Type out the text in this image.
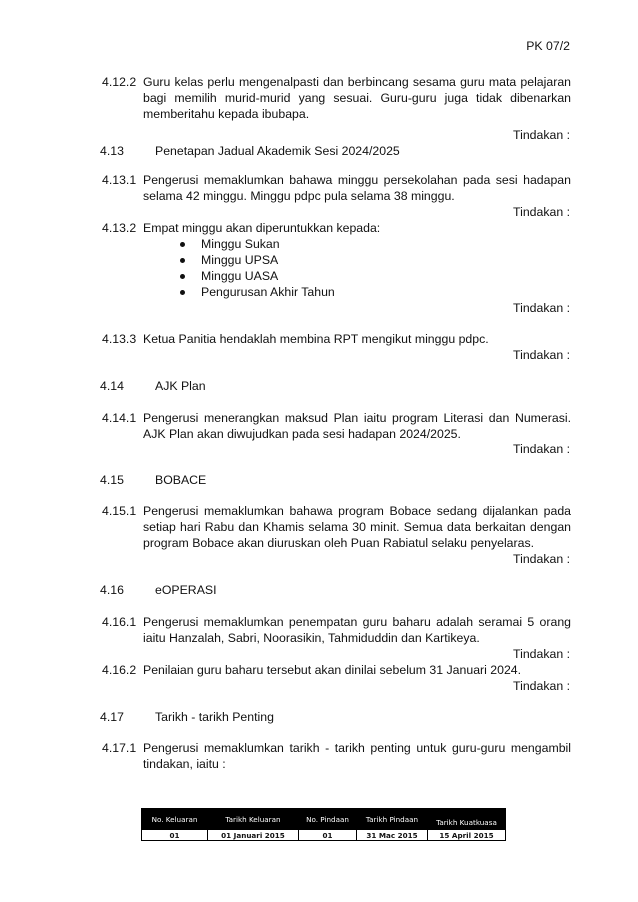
PK 07/2
4.12.2 Guru kelas perlu mengenalpasti dan berbincang sesama guru mata pelajaran bagi memilih murid-murid yang sesuai. Guru-guru juga tidak dibenarkan memberitahu kepada ibubapa.
Tindakan :
4.13	Penetapan Jadual Akademik Sesi 2024/2025
4.13.1 Pengerusi memaklumkan bahawa minggu persekolahan pada sesi hadapan selama 42 minggu. Minggu pdpc pula selama 38 minggu.
Tindakan :
4.13.2 Empat minggu akan diperuntukkan kepada:
Minggu Sukan
Minggu UPSA
Minggu UASA
Pengurusan Akhir Tahun
Tindakan :
4.13.3 Ketua Panitia hendaklah membina RPT mengikut minggu pdpc.
Tindakan :
4.14	AJK Plan
4.14.1 Pengerusi menerangkan maksud Plan iaitu program Literasi dan Numerasi. AJK Plan akan diwujudkan pada sesi hadapan 2024/2025.
Tindakan :
4.15	BOBACE
4.15.1 Pengerusi memaklumkan bahawa program Bobace sedang dijalankan pada setiap hari Rabu dan Khamis selama 30 minit. Semua data berkaitan dengan program Bobace akan diuruskan oleh Puan Rabiatul selaku penyelaras.
Tindakan :
4.16	eOPERASI
4.16.1 Pengerusi memaklumkan penempatan guru baharu adalah seramai 5 orang iaitu Hanzalah, Sabri, Noorasikin, Tahmiduddin dan Kartikeya.
Tindakan :
4.16.2 Penilaian guru baharu tersebut akan dinilai sebelum 31 Januari 2024.
Tindakan :
4.17	Tarikh - tarikh Penting
4.17.1 Pengerusi memaklumkan tarikh - tarikh penting untuk guru-guru mengambil tindakan, iaitu :
No. Keluaran	Tarikh Keluaran	No. Pindaan	Tarikh Pindaan	Tarikh Kuatkuasa
01	01 Januari 2015	01	31 Mac 2015	15 April 2015
